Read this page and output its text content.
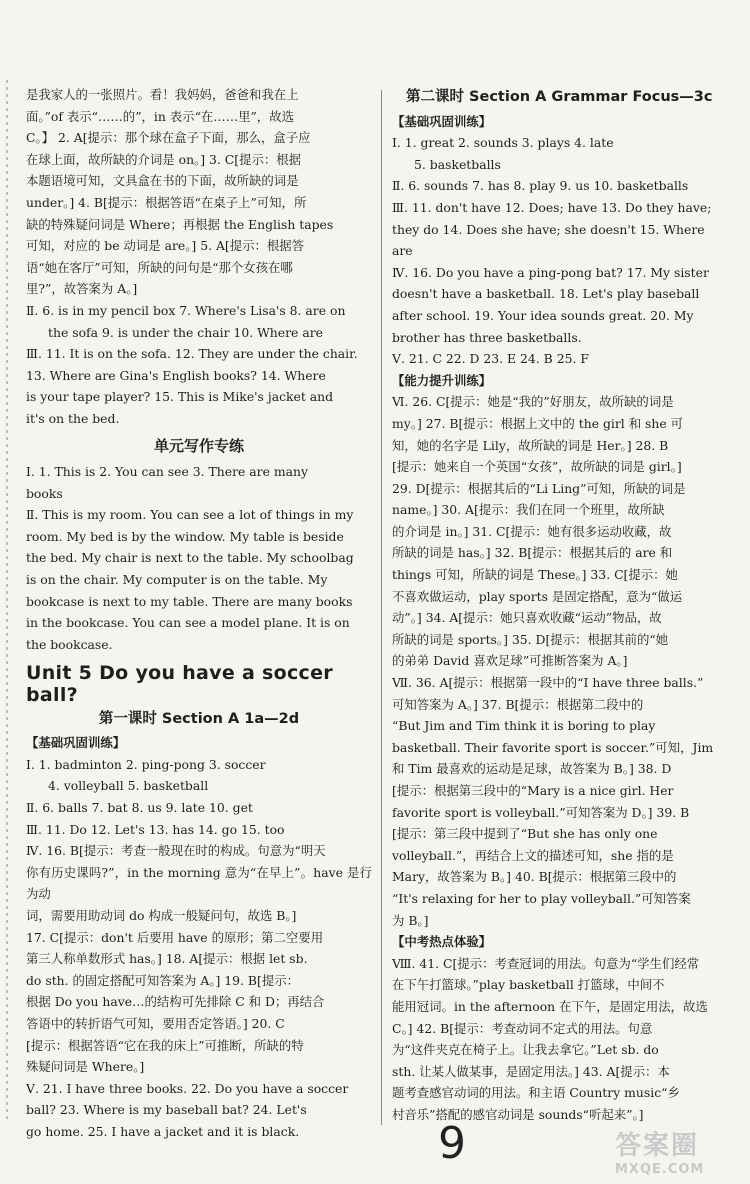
是我家人的一张照片。看！我妈妈，爸爸和我在上
面。”of 表示“……的”，in 表示“在……里”，故选
C。】 2. A[提示：那个球在盒子下面，那么，盒子应
在球上面，故所缺的介词是 on。] 3. C[提示：根据
本题语境可知，文具盒在书的下面，故所缺的词是
under。] 4. B[提示：根据答语“在桌子上”可知，所
缺的特殊疑问词是 Where；再根据 the English tapes
可知，对应的 be 动词是 are。] 5. A[提示：根据答
语“她在客厅”可知，所缺的问句是“那个女孩在哪
里?”，故答案为 A。]
Ⅱ. 6. is in my pencil box 7. Where's Lisa's 8. are on
the sofa 9. is under the chair 10. Where are
Ⅲ. 11. It is on the sofa. 12. They are under the chair.
13. Where are Gina's English books? 14. Where
is your tape player? 15. This is Mike's jacket and
it's on the bed.
单元写作专练
Ⅰ. 1. This is 2. You can see 3. There are many
books
Ⅱ. This is my room. You can see a lot of things in my
room. My bed is by the window. My table is beside
the bed. My chair is next to the table. My schoolbag
is on the chair. My computer is on the table. My
bookcase is next to my table. There are many books
in the bookcase. You can see a model plane. It is on
the bookcase.
Unit 5 Do you have a soccer ball?
第一课时 Section A 1a—2d
【基础巩固训练】
Ⅰ. 1. badminton 2. ping-pong 3. soccer
4. volleyball 5. basketball
Ⅱ. 6. balls 7. bat 8. us 9. late 10. get
Ⅲ. 11. Do 12. Let's 13. has 14. go 15. too
Ⅳ. 16. B[提示：考查一般现在时的构成。句意为“明天
你有历史课吗?”，in the morning 意为“在早上”。have 是行为动
词，需要用助动词 do 构成一般疑问句，故选 B。]
17. C[提示：don't 后要用 have 的原形；第二空要用
第三人称单数形式 has。] 18. A[提示：根据 let sb.
do sth. 的固定搭配可知答案为 A。] 19. B[提示：
根据 Do you have…的结构可先排除 C 和 D；再结合
答语中的转折语气可知，要用否定答语。] 20. C
[提示：根据答语“它在我的床上”可推断，所缺的特
殊疑问词是 Where。]
Ⅴ. 21. I have three books. 22. Do you have a soccer
ball? 23. Where is my baseball bat? 24. Let's
go home. 25. I have a jacket and it is black.
第二课时 Section A Grammar Focus—3c
【基础巩固训练】
Ⅰ. 1. great 2. sounds 3. plays 4. late
5. basketballs
Ⅱ. 6. sounds 7. has 8. play 9. us 10. basketballs
Ⅲ. 11. don't have 12. Does; have 13. Do they have;
they do 14. Does she have; she doesn't 15. Where
are
Ⅳ. 16. Do you have a ping-pong bat? 17. My sister
doesn't have a basketball. 18. Let's play baseball
after school. 19. Your idea sounds great. 20. My
brother has three basketballs.
Ⅴ. 21. C 22. D 23. E 24. B 25. F
【能力提升训练】
Ⅵ. 26. C[提示：她是“我的”好朋友，故所缺的词是
my。] 27. B[提示：根据上文中的 the girl 和 she 可
知，她的名字是 Lily，故所缺的词是 Her。] 28. B
[提示：她来自一个英国“女孩”，故所缺的词是 girl。]
29. D[提示：根据其后的“Li Ling”可知，所缺的词是
name。] 30. A[提示：我们在同一个班里，故所缺
的介词是 in。] 31. C[提示：她有很多运动收藏，故
所缺的词是 has。] 32. B[提示：根据其后的 are 和
things 可知，所缺的词是 These。] 33. C[提示：她
不喜欢做运动，play sports 是固定搭配，意为“做运
动”。] 34. A[提示：她只喜欢收藏“运动”物品，故
所缺的词是 sports。] 35. D[提示：根据其前的“她
的弟弟 David 喜欢足球”可推断答案为 A。]
Ⅶ. 36. A[提示：根据第一段中的“I have three balls.”
可知答案为 A。] 37. B[提示：根据第二段中的
“But Jim and Tim think it is boring to play
basketball. Their favorite sport is soccer.”可知，Jim
和 Tim 最喜欢的运动是足球，故答案为 B。] 38. D
[提示：根据第三段中的“Mary is a nice girl. Her
favorite sport is volleyball.”可知答案为 D。] 39. B
[提示：第三段中提到了“But she has only one
volleyball.”，再结合上文的描述可知，she 指的是
Mary，故答案为 B。] 40. B[提示：根据第三段中的
“It's relaxing for her to play volleyball.”可知答案
为 B。]
【中考热点体验】
Ⅷ. 41. C[提示：考查冠词的用法。句意为“学生们经常
在下午打篮球。”play basketball 打篮球，中间不
能用冠词。in the afternoon 在下午，是固定用法，故选
C。] 42. B[提示：考查动词不定式的用法。句意
为“这件夹克在椅子上。让我去拿它。”Let sb. do
sth. 让某人做某事，是固定用法。] 43. A[提示：本
题考查感官动词的用法。和主语 Country music“乡
村音乐”搭配的感官动词是 sounds“听起来”。]
9	答案圈
MXQE.COM
